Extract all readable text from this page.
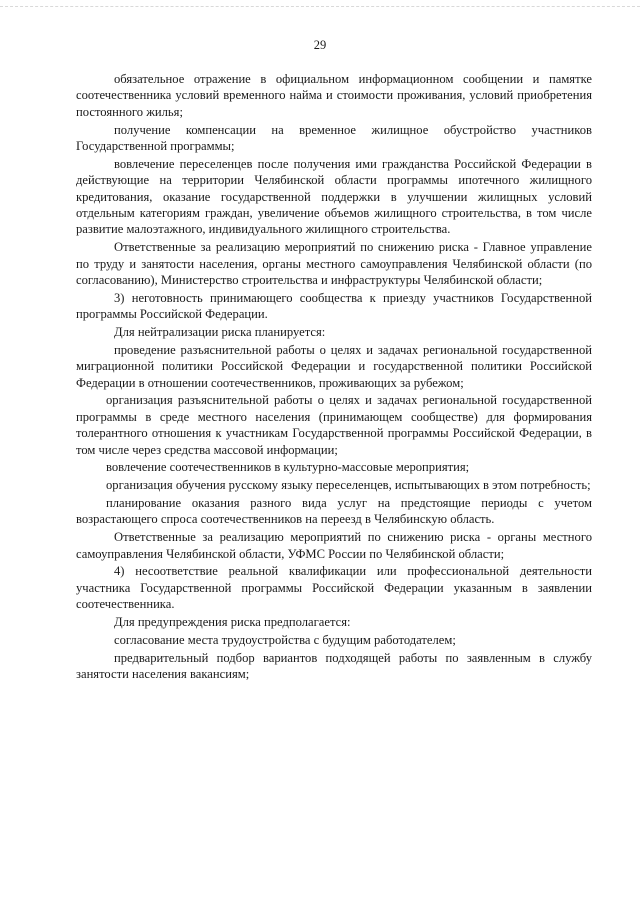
29

обязательное отражение в официальном информационном сообщении и памятке соотечественника условий временного найма и стоимости проживания, условий приобретения постоянного жилья;

получение компенсации на временное жилищное обустройство участников Государственной программы;

вовлечение переселенцев после получения ими гражданства Российской Федерации в действующие на территории Челябинской области программы ипотечного жилищного кредитования, оказание государственной поддержки в улучшении жилищных условий отдельным категориям граждан, увеличение объемов жилищного строительства, в том числе развитие малоэтажного, индивидуального жилищного строительства.

Ответственные за реализацию мероприятий по снижению риска - Главное управление по труду и занятости населения, органы местного самоуправления Челябинской области (по согласованию), Министерство строительства и инфраструктуры Челябинской области;

3) неготовность принимающего сообщества к приезду участников Государственной программы Российской Федерации.

Для нейтрализации риска планируется:

проведение разъяснительной работы о целях и задачах региональной государственной миграционной политики Российской Федерации и государственной политики Российской Федерации в отношении соотечественников, проживающих за рубежом;

организация разъяснительной работы о целях и задачах региональной государственной программы в среде местного населения (принимающем сообществе) для формирования толерантного отношения к участникам Государственной программы Российской Федерации, в том числе через средства массовой информации;

вовлечение соотечественников в культурно-массовые мероприятия;

организация обучения русскому языку переселенцев, испытывающих в этом потребность;

планирование оказания разного вида услуг на предстоящие периоды с учетом возрастающего спроса соотечественников на переезд в Челябинскую область.

Ответственные за реализацию мероприятий по снижению риска - органы местного самоуправления Челябинской области, УФМС России по Челябинской области;

4) несоответствие реальной квалификации или профессиональной деятельности участника Государственной программы Российской Федерации указанным в заявлении соотечественника.

Для предупреждения риска предполагается:

согласование места трудоустройства с будущим работодателем;

предварительный подбор вариантов подходящей работы по заявленным в службу занятости населения вакансиям;
